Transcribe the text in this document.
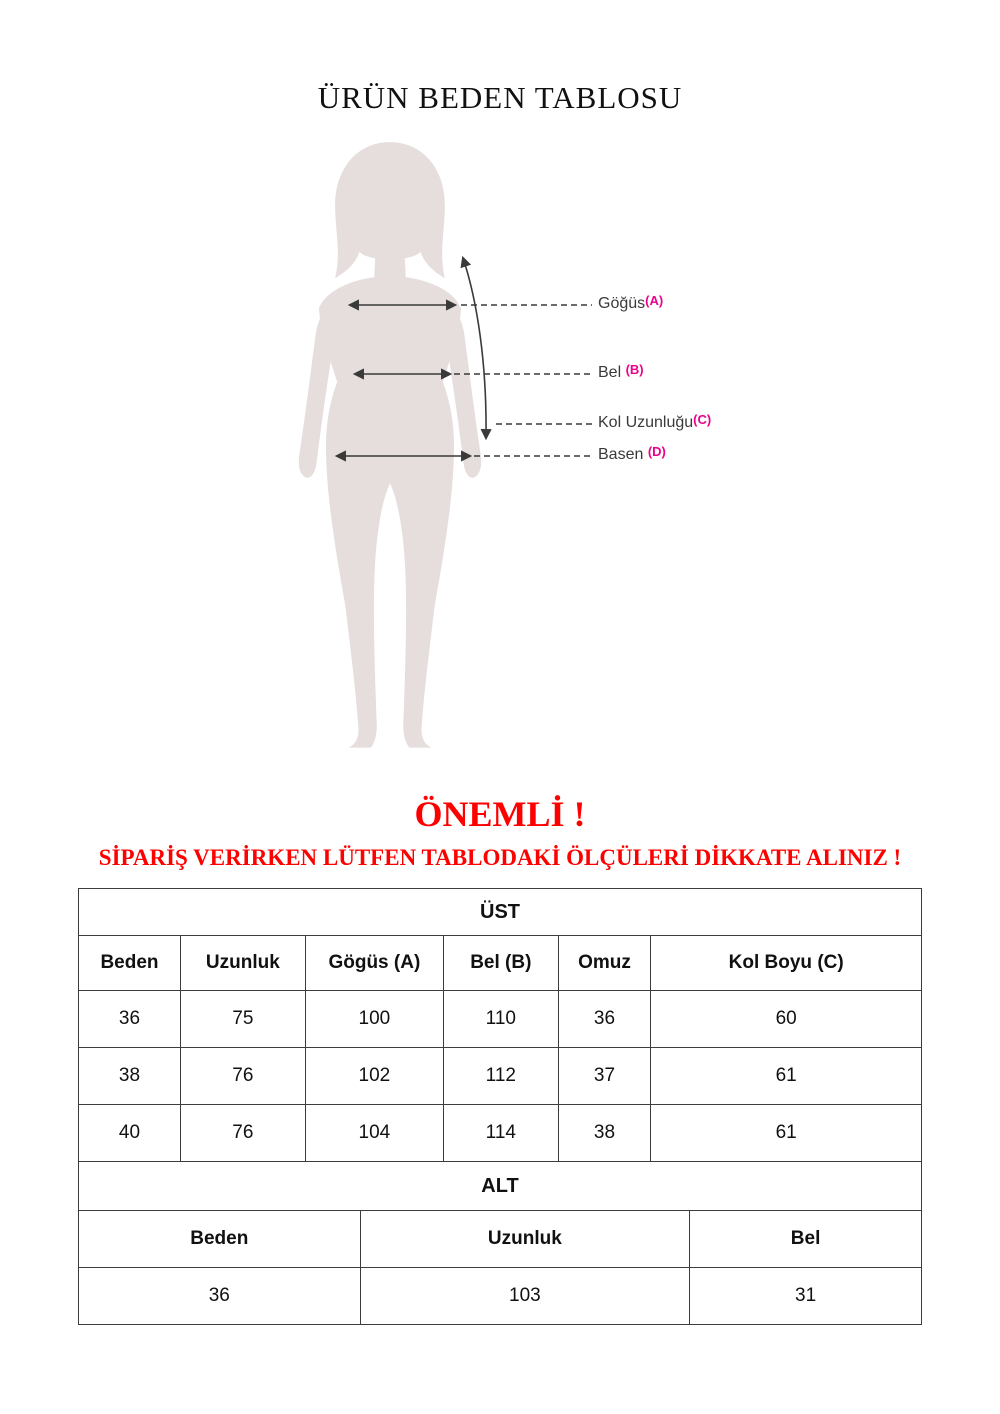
ÜRÜN BEDEN TABLOSU
Göğüs(A)
Bel (B)
Kol Uzunluğu(C)
Basen (D)
ÖNEMLİ !
SİPARİŞ VERİRKEN LÜTFEN TABLODAKİ ÖLÇÜLERİ DİKKATE ALINIZ !
ÜST					
Beden	Uzunluk	Gögüs (A)	Bel (B)	Omuz	Kol Boyu (C)
36	75	100	110	36	60
38	76	102	112	37	61
40	76	104	114	38	61
ALT		
Beden	Uzunluk	Bel
36	103	31
